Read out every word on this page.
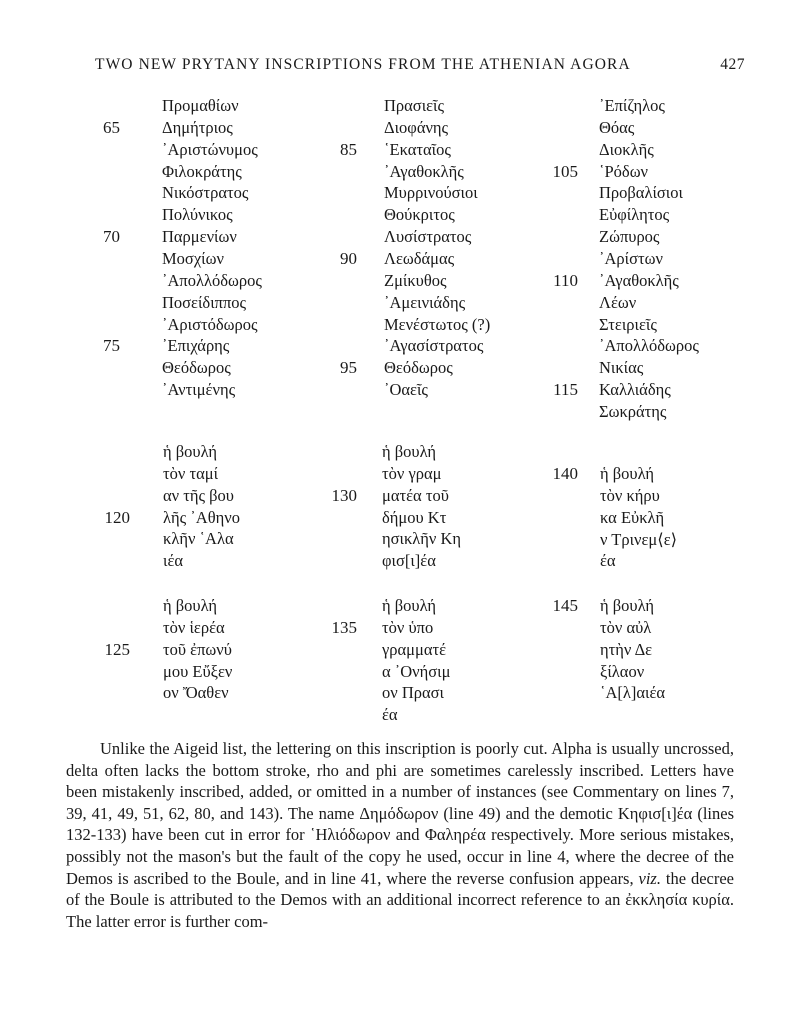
TWO NEW PRYTANY INSCRIPTIONS FROM THE ATHENIAN AGORA	427

Unlike the Aigeid list, the lettering on this inscription is poorly cut. Alpha is usually uncrossed, delta often lacks the bottom stroke, rho and phi are sometimes carelessly inscribed. Letters have been mistakenly inscribed, added, or omitted in a number of instances (see Commentary on lines 7, 39, 41, 49, 51, 62, 80, and 143). The name Δημόδωρον (line 49) and the demotic Κηφισ[ι]έα (lines 132-133) have been cut in error for ῾Ηλιόδωρον and Φαληρέα respectively. More serious mistakes, possibly not the mason's but the fault of the copy he used, occur in line 4, where the decree of the Demos is ascribed to the Boule, and in line 41, where the reverse confusion appears, viz. the decree of the Boule is attributed to the Demos with an additional incorrect reference to an ἐκκλησία κυρία. The latter error is further com-

Προμαθίων
Δημήτριος
᾿Αριστώνυμος
Φιλοκράτης
Νικόστρατος
Πολύνικος
Παρμενίων
Μοσχίων
᾿Απολλόδωρος
Ποσείδιππος
᾿Αριστόδωρος
᾿Επιχάρης
Θεόδωρος
᾿Αντιμένης
65
70
75
Πρασιεῖς
Διοφάνης
῾Εκαταῖος
᾿Αγαθοκλῆς
Μυρρινούσιοι
Θούκριτος
Λυσίστρατος
Λεωδάμας
Ζμίκυθος
᾿Αμεινιάδης
Μενέστωτος (?)
᾿Αγασίστρατος
Θεόδωρος
᾿Οαεῖς
85
90
95
᾿Επίζηλος
Θόας
Διοκλῆς
῾Ρόδων
Προβαλίσιοι
Εὐφίλητος
Ζώπυρος
᾿Αρίστων
᾿Αγαθοκλῆς
Λέων
Στειριεῖς
᾿Απολλόδωρος
Νικίας
Καλλιάδης
Σωκράτης
105
110
115
ἡ βουλή
τὸν ταμί
αν τῆς βου
λῆς ᾿Αθηνο
κλῆν ῾Αλα
ιέα
120
ἡ βουλή
τὸν γραμ
ματέα τοῦ
δήμου Κτ
ησικλῆν Κη
φισ[ι]έα
130
ἡ βουλή
τὸν κήρυ
κα Εὐκλῆ
ν Τρινεμ⟨ε⟩
έα
140
ἡ βουλή
τὸν ἱερέα
τοῦ ἐπωνύ
μου Εὔξεν
ον Ὄαθεν
125
ἡ βουλή
τὸν ὑπο
γραμματέ
α ᾿Ονήσιμ
ον Πρασι
έα
135
ἡ βουλή
τὸν αὐλ
ητὴν Δε
ξίλαον
῾Α[λ]αιέα
145
